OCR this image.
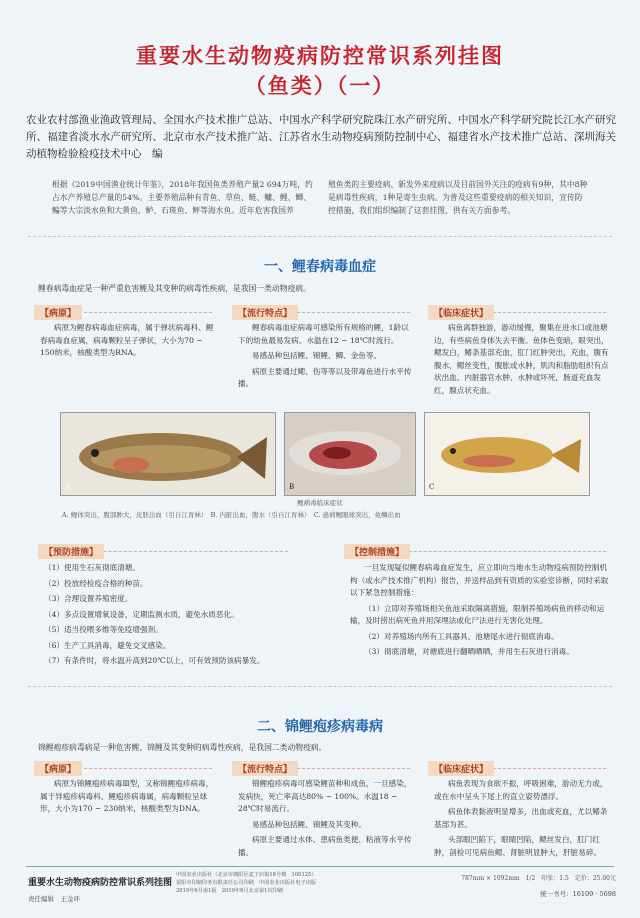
重要水生动物疫病防控常识系列挂图
（鱼类）（一）
农业农村部渔业渔政管理局、全国水产技术推广总站、中国水产科学研究院珠江水产研究所、中国水产科学研究院长江水产研究所、福建省淡水水产研究所、北京市水产技术推广站、江苏省水生动物疫病预防控制中心、福建省水产技术推广总站、深圳海关动植物检验检疫技术中心　编
根据《2019中国渔业统计年鉴》，2018年我国鱼类养殖产量2 694万吨，约占水产养殖总产量的54%。主要养殖品种有青鱼、草鱼、鲢、鳙、鲤、鲫、鳊等大宗淡水鱼和大黄鱼、鲈、石斑鱼、鲆等海水鱼。近年危害我国养
殖鱼类的主要疫病、新发外来疫病以及目前国外关注的疫病有9种，其中8种是病毒性疾病，1种是寄生虫病。为普及这些重要疫病的相关知识，宣传防控措施，我们组织编制了这套挂图，供有关方面参考。
一、鲤春病毒血症
鲤春病毒血症是一种严重危害鲤及其变种的病毒性疾病，是我国一类动物疫病。
【病原】
病原为鲤春病毒血症病毒，属于弹状病毒科、鲤春病毒血症属，病毒颗粒呈子弹状，大小为70 ~ 150纳米，核酸类型为RNA。
【流行特点】

鲤春病毒血症病毒可感染所有规格的鲤，1龄以下的幼鱼最易发病。水温在12 ~ 18℃时流行。

易感品种包括鲤、锦鲤、鲫、金鱼等。

病原主要通过鳃、伤等等以及带毒鱼进行水平传播。

【临床症状】
病鱼离群独游，游动缓慢，聚集在进水口或池塘边，有些病鱼身体失去平衡。鱼体色变暗，眼突出，鳃发白，鳍条基部充血，肛门红肿突出，充血，腹有腹水，鳃丝变性，腹胀或水肿，肌肉和脂肪组织有点状出血。内脏器官水肿、水肿或坏死，肠道充血发红，腺点状充血。
A	B	C
鲤病毒临床症状
A. 鲤体突出，腹部肿大，皮肤出血（引自江育林）　B. 内脏出血，腹水（引自江育林）　C. 患病鲤眼球突出，鱼鳞出血
【预防措施】

（1）使用生石灰彻底清塘。

（2）投放经检疫合格的种苗。

（3）合理设置养殖密度。

（4）多点设置增氧设备，定期监测水质，避免水质恶化。

（5）适当投喂多维等免疫增强剂。

（6）生产工具消毒，避免交叉感染。

（7）有条件时，将水温升高到20℃以上，可有效预防该病暴发。

【控制措施】

一旦发现疑似鲤春病毒血症发生，应立即向当地水生动物疫病预防控制机构（或水产技术推广机构）报告，并送样品到有资质的实验室诊断，同时采取以下紧急控制措施：

（1）立即对养殖场相关鱼池采取隔离措施，限制养殖场病鱼的移动和运输，及时捞出病死鱼并用深埋法或化尸法进行无害化处理。

（2）对养殖场内所有工具器具、池塘尾水进行彻底消毒。

（3）彻底清塘，对塘底进行翻晒晒晒，并用生石灰进行消毒。

二、锦鲤疱疹病毒病
锦鲤疱疹病毒病是一种危害鲤、锦鲤及其变种的病毒性疾病，是我国二类动物疫病。
【病原】
病原为锦鲤疱疹病毒Ⅲ型，又称锦鲤疱疹病毒，属于异疱疹病毒科、鲤疱疹病毒属，病毒颗粒呈球形，大小为170 ~ 230纳米，核酸类型为DNA。
【流行特点】

锦鲤疱疹病毒可感染鲤苗种和成鱼，一旦感染，发病快，死亡率高达80% ~ 100%。水温18 ~ 28℃时易流行。

易感品种包括鲤、锦鲤及其变种。

病原主要通过水体、患病鱼类便、粘液等水平传播。

【临床症状】

病鱼表现为食欲不振，呼吸困难，游动无力或，或在水中呈头下尾上的直立姿势漂浮。

病鱼体表黏液明显增多，出血或充血，尤以鳍条基部为甚。

头部眼凹陷下，眼睛凹陷，鳃丝发白，肛门红肿，剖检可见病鱼鳃、肾脏明显肿大，肝脏易碎。

重要水生动物疫病防控常识系列挂图
责任编辑　王金环
中国农业出版社（北京市朝阳区麦子店街18号楼　100125）
雷阳市印制印务有限责任公司印刷　中国农业出版社电子出版
2019年6月第1版　2019年6月北京第1次印刷
787mm × 1092mm　1/2　印张：1.5　定价：25.00元
统一书号：16109 · 5698
